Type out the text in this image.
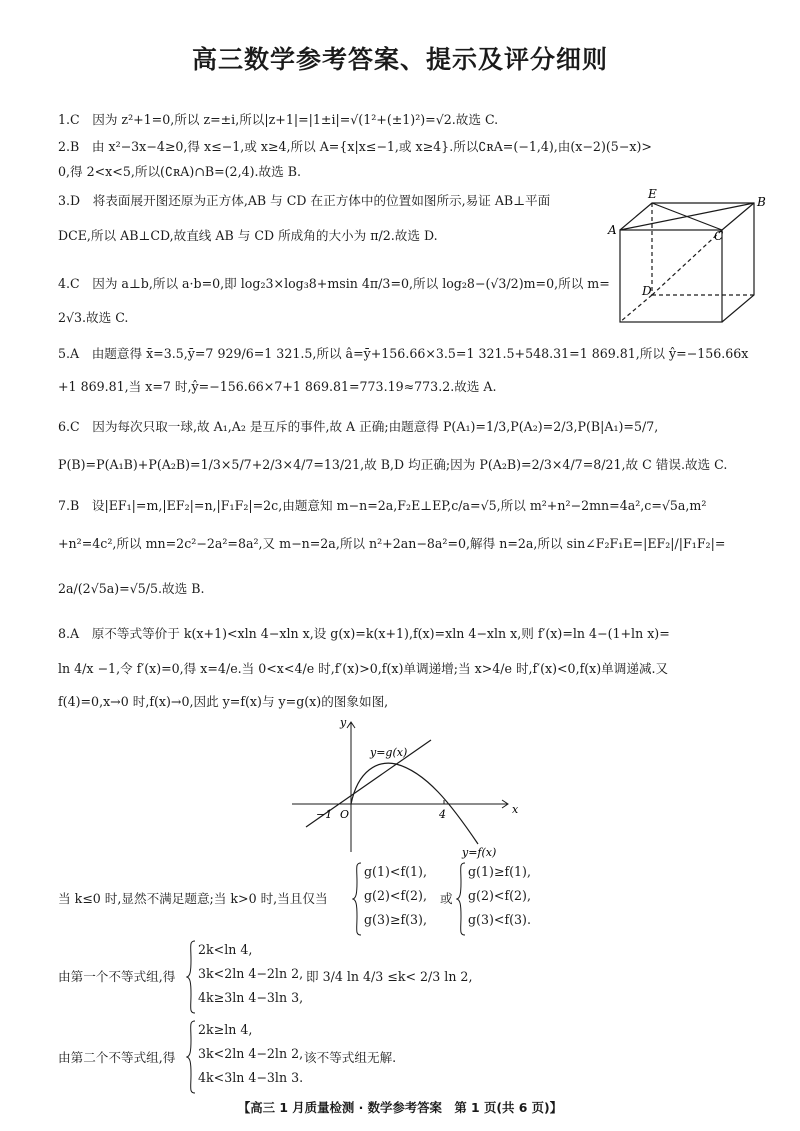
高三数学参考答案、提示及评分细则
1.C　因为 z²+1=0,所以 z=±i,所以|z+1|=|1±i|=√(1²+(±1)²)=√2.故选 C.
2.B　由 x²−3x−4≥0,得 x≤−1,或 x≥4,所以 A={x|x≤−1,或 x≥4}.所以∁ʀA=(−1,4),由(x−2)(5−x)>
0,得 2<x<5,所以(∁ʀA)∩B=(2,4).故选 B.
3.D　将表面展开图还原为正方体,AB 与 CD 在正方体中的位置如图所示,易证 AB⊥平面
DCE,所以 AB⊥CD,故直线 AB 与 CD 所成角的大小为 π/2.故选 D.
4.C　因为 a⊥b,所以 a·b=0,即 log₂3×log₃8+msin 4π/3=0,所以 log₂8−(√3/2)m=0,所以 m=
2√3.故选 C.
5.A　由题意得 x̄=3.5,ȳ=7 929/6=1 321.5,所以 â=ȳ+156.66×3.5=1 321.5+548.31=1 869.81,所以 ŷ=−156.66x
+1 869.81,当 x=7 时,ŷ=−156.66×7+1 869.81=773.19≈773.2.故选 A.
6.C　因为每次只取一球,故 A₁,A₂ 是互斥的事件,故 A 正确;由题意得 P(A₁)=1/3,P(A₂)=2/3,P(B|A₁)=5/7,
P(B)=P(A₁B)+P(A₂B)=1/3×5/7+2/3×4/7=13/21,故 B,D 均正确;因为 P(A₂B)=2/3×4/7=8/21,故 C 错误.故选 C.
7.B　设|EF₁|=m,|EF₂|=n,|F₁F₂|=2c,由题意知 m−n=2a,F₂E⊥EP,c/a=√5,所以 m²+n²−2mn=4a²,c=√5a,m²
+n²=4c²,所以 mn=2c²−2a²=8a²,又 m−n=2a,所以 n²+2an−8a²=0,解得 n=2a,所以 sin∠F₂F₁E=|EF₂|/|F₁F₂|=
2a/(2√5a)=√5/5.故选 B.
8.A　原不等式等价于 k(x+1)<xln 4−xln x,设 g(x)=k(x+1),f(x)=xln 4−xln x,则 f′(x)=ln 4−(1+ln x)=
ln 4/x −1,令 f′(x)=0,得 x=4/e.当 0<x<4/e 时,f′(x)>0,f(x)单调递增;当 x>4/e 时,f′(x)<0,f(x)单调递减.又
f(4)=0,x→0 时,f(x)→0,因此 y=f(x)与 y=g(x)的图象如图,
A
B
C
D
E
y
x
O
−1	4
y=g(x)
y=f(x)
当 k≤0 时,显然不满足题意;当 k>0 时,当且仅当
g(1)<f(1),
g(2)<f(2),
g(3)≥f(3),
或
g(1)≥f(1),
g(2)<f(2),
g(3)<f(3).
由第一个不等式组,得
2k<ln 4,
3k<2ln 4−2ln 2,
4k≥3ln 4−3ln 3,
即 3/4 ln 4/3 ≤k< 2/3 ln 2,
由第二个不等式组,得
2k≥ln 4,
3k<2ln 4−2ln 2,
4k<3ln 4−3ln 3.
该不等式组无解.
【高三 1 月质量检测 · 数学参考答案　第 1 页(共 6 页)】
